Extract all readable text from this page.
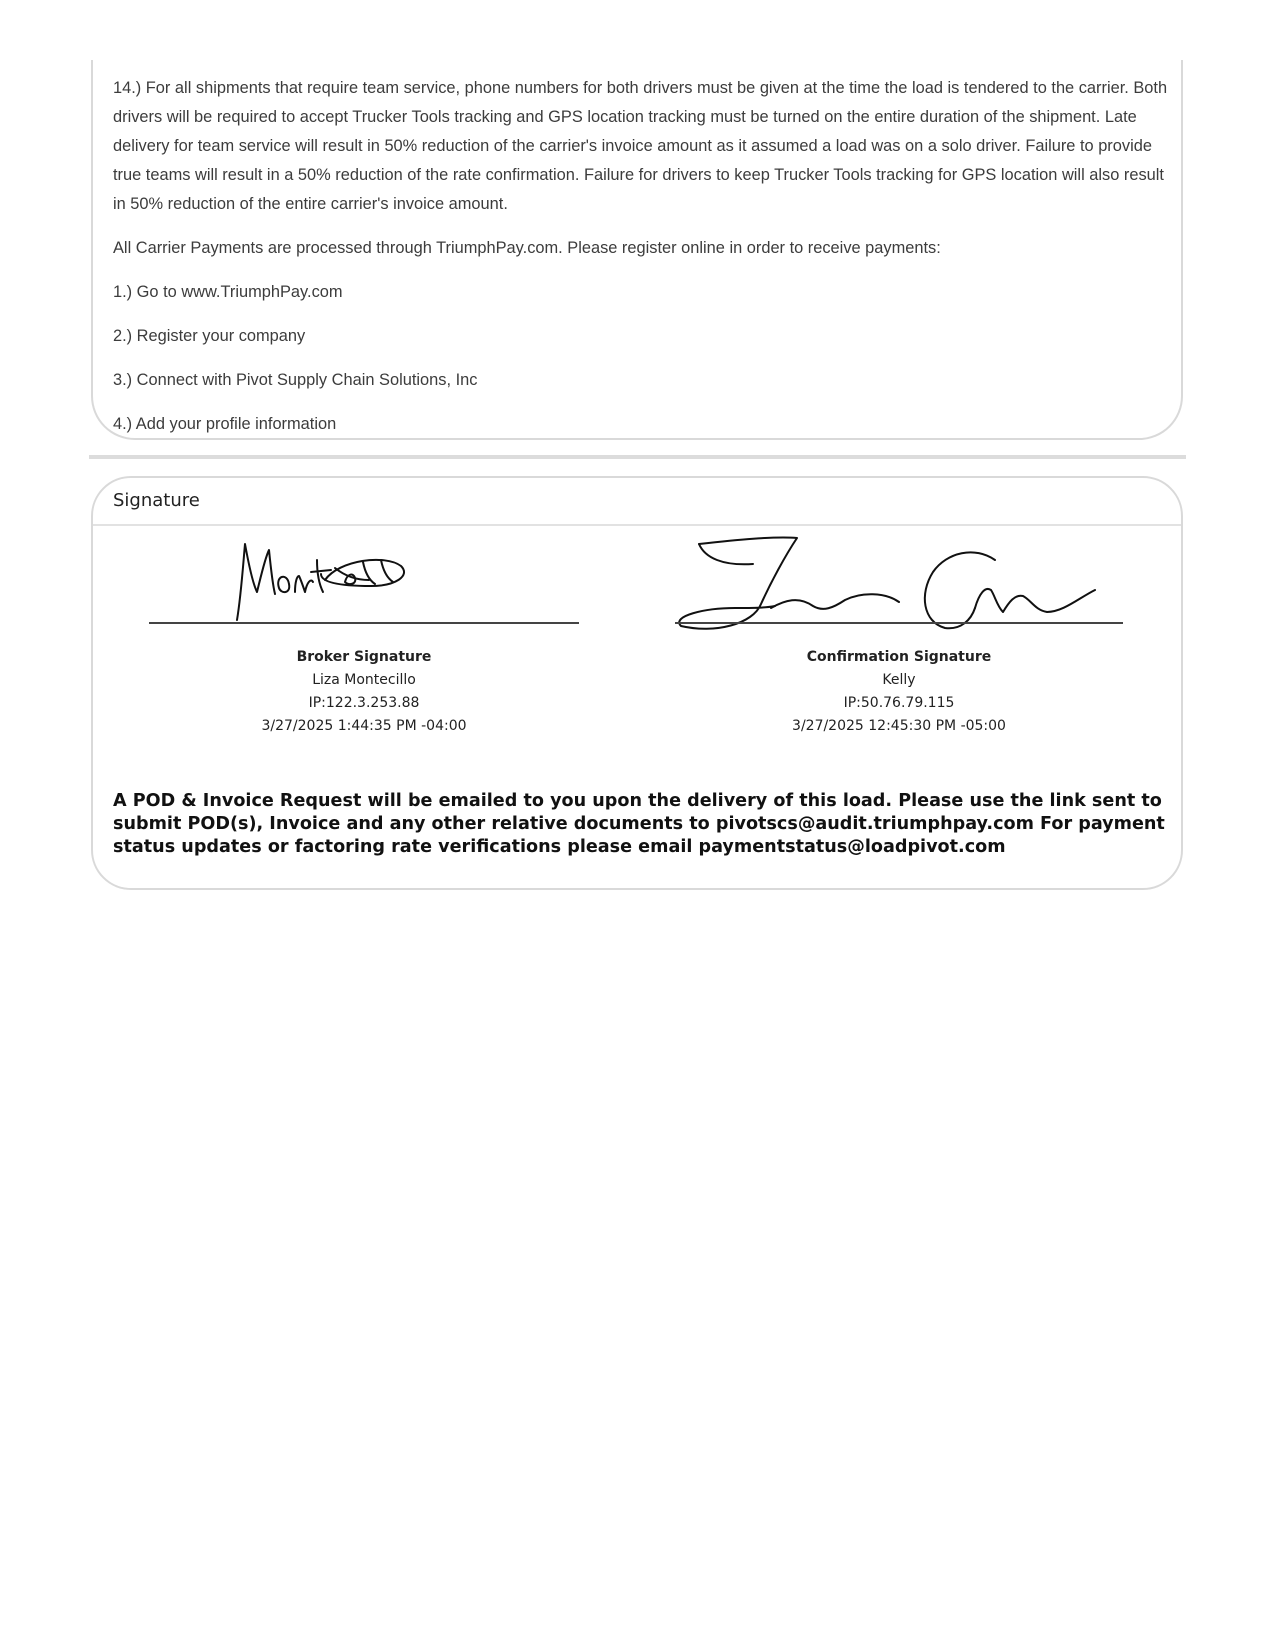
14.) For all shipments that require team service, phone numbers for both drivers must be given at the time the load is tendered to the carrier. Both drivers will be required to accept Trucker Tools tracking and GPS location tracking must be turned on the entire duration of the shipment. Late delivery for team service will result in 50% reduction of the carrier's invoice amount as it assumed a load was on a solo driver. Failure to provide true teams will result in a 50% reduction of the rate confirmation. Failure for drivers to keep Trucker Tools tracking for GPS location will also result in 50% reduction of the entire carrier's invoice amount.

All Carrier Payments are processed through TriumphPay.com. Please register online in order to receive payments:

1.) Go to www.TriumphPay.com

2.) Register your company

3.) Connect with Pivot Supply Chain Solutions, Inc

4.) Add your profile information

Signature
Broker Signature
Liza Montecillo
IP:122.3.253.88
3/27/2025 1:44:35 PM -04:00
Confirmation Signature
Kelly
IP:50.76.79.115
3/27/2025 12:45:30 PM -05:00
A POD & Invoice Request will be emailed to you upon the delivery of this load. Please use the link sent to submit POD(s), Invoice and any other relative documents to pivotscs@audit.triumphpay.com For payment status updates or factoring rate verifications please email paymentstatus@loadpivot.com
